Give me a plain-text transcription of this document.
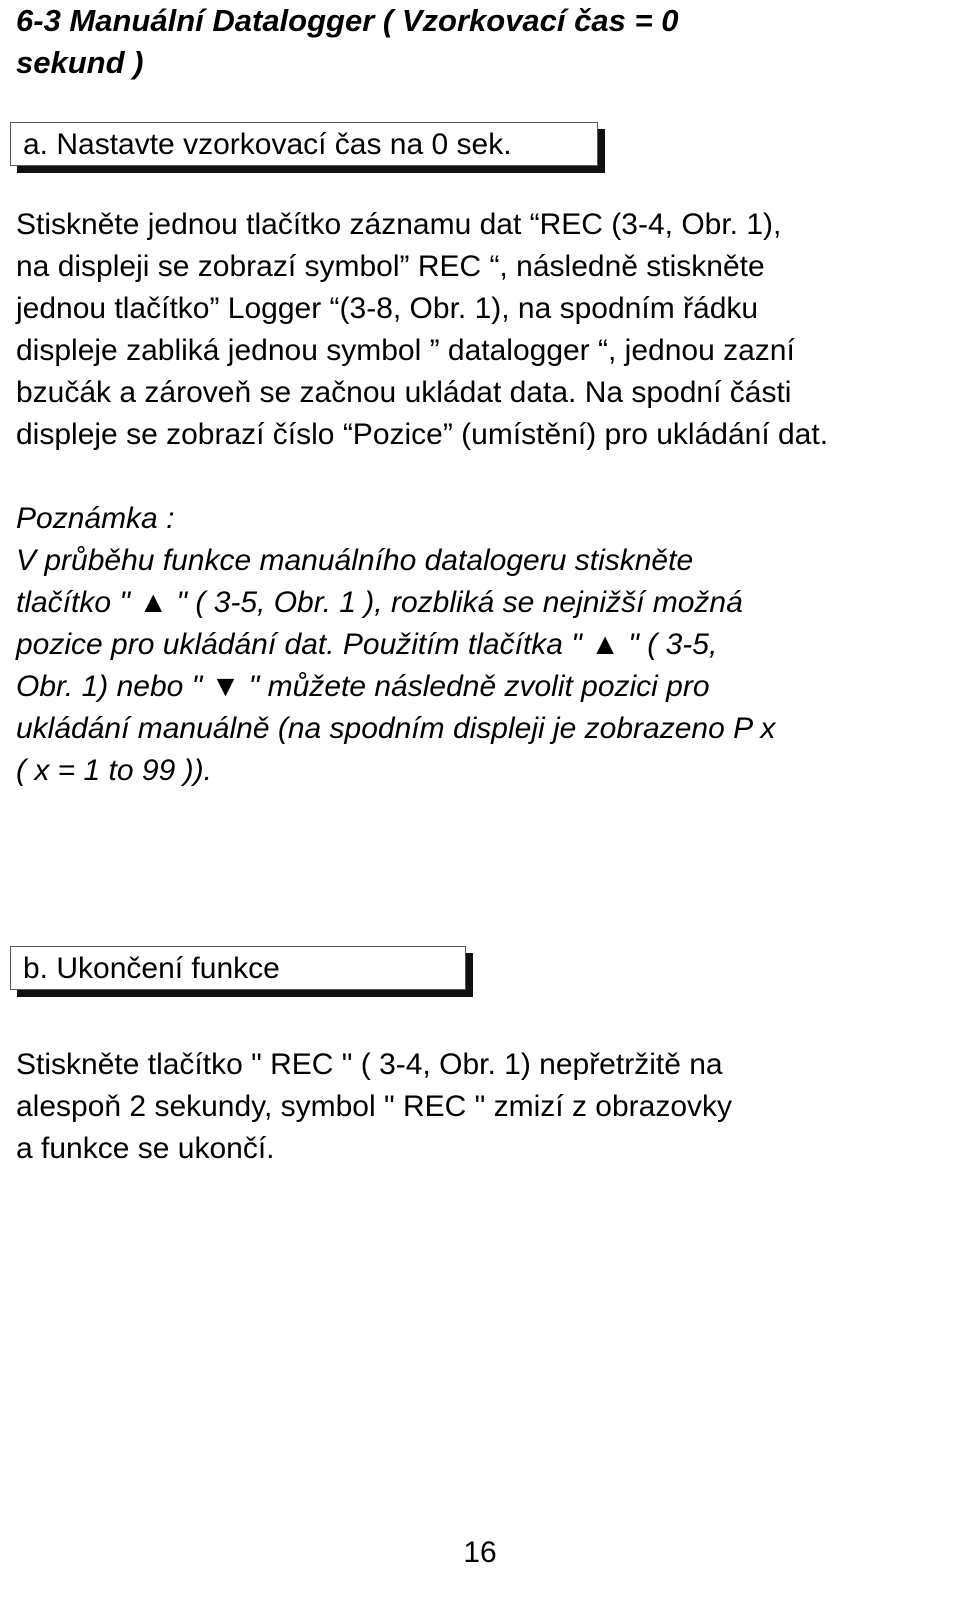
6-3 Manuální Datalogger ( Vzorkovací čas = 0
sekund )
a. Nastavte vzorkovací čas na 0 sek.

Stiskněte jednou tlačítko záznamu dat “REC (3-4, Obr. 1),
na displeji se zobrazí symbol” REC “, následně stiskněte
jednou tlačítko” Logger “(3-8, Obr. 1), na spodním řádku
displeje zabliká jednou symbol ” datalogger “, jednou zazní
bzučák a zároveň se začnou ukládat data. Na spodní části
displeje se zobrazí číslo “Pozice” (umístění) pro ukládání dat.

Poznámka :
V průběhu funkce manuálního datalogeru stiskněte
tlačítko " ▲ " ( 3-5, Obr. 1 ), rozbliká se nejnižší možná
pozice pro ukládání dat. Použitím tlačítka " ▲ " ( 3-5,
Obr. 1) nebo " ▼ " můžete následně zvolit pozici pro
ukládání manuálně (na spodním displeji je zobrazeno P x
( x = 1 to 99 )).

b. Ukončení funkce

Stiskněte tlačítko " REC " ( 3-4, Obr. 1) nepřetržitě na
alespoň 2 sekundy, symbol " REC " zmizí z obrazovky
a funkce se ukončí.

16
